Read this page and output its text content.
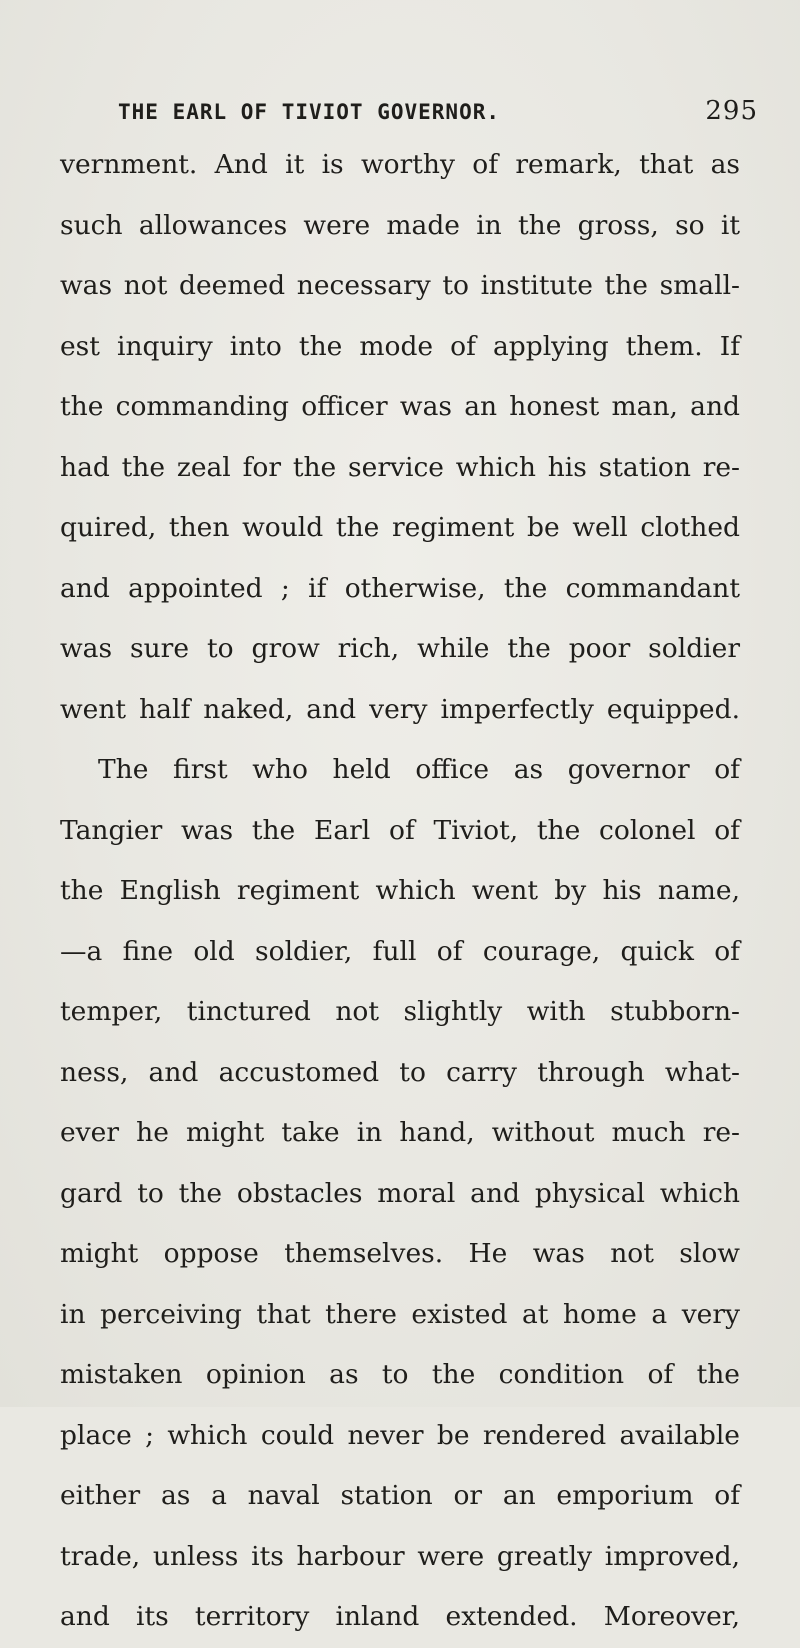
THE EARL OF TIVIOT GOVERNOR.	295
vernment. And it is worthy of remark, that as
such allowances were made in the gross, so it
was not deemed necessary to institute the small-
est inquiry into the mode of applying them. If
the commanding officer was an honest man, and
had the zeal for the service which his station re-
quired, then would the regiment be well clothed
and appointed ; if otherwise, the commandant
was sure to grow rich, while the poor soldier
went half naked, and very imperfectly equipped.
The first who held office as governor of
Tangier was the Earl of Tiviot, the colonel of
the English regiment which went by his name,
—a fine old soldier, full of courage, quick of
temper, tinctured not slightly with stubborn-
ness, and accustomed to carry through what-
ever he might take in hand, without much re-
gard to the obstacles moral and physical which
might oppose themselves. He was not slow
in perceiving that there existed at home a very
mistaken opinion as to the condition of the
place ; which could never be rendered available
either as a naval station or an emporium of
trade, unless its harbour were greatly improved,
and its territory inland extended. Moreover,
